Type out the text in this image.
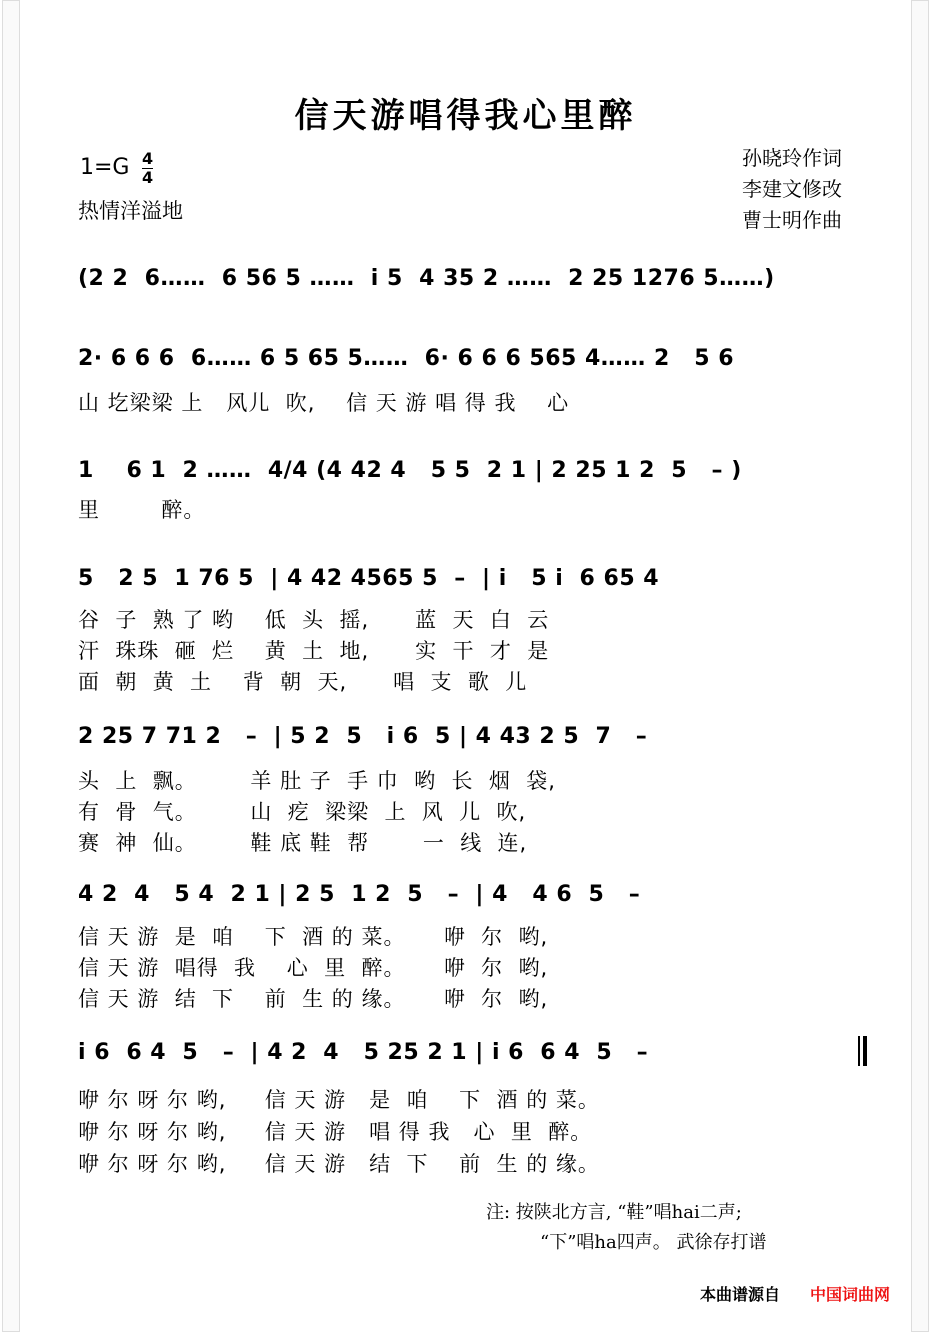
信天游唱得我心里醉
1=G 4
4
热情洋溢地
孙晓玲作词
李建文修改
曹士明作曲
(2 2  6……  6 56 5 ……  i 5  4 35 2 ……  2 25 1276 5……)
2· 6 6 6  6…… 6 5 65 5……  6· 6 6 6 565 4…… 2   5 6
山 圪梁梁 上   风儿  吹,    信 天 游 唱 得 我    心
1    6 1  2 ……  4/4 (4 42 4   5 5  2 1 | 2 25 1 2  5   – )
里        醉。
5   2 5  1 76 5  | 4 42 4565 5  –  | i   5 i  6 65 4
谷  子  熟 了 哟    低  头  摇,      蓝  天  白  云
汗  珠珠  砸  烂    黄  土  地,      实  干  才  是
面  朝  黄  土    背  朝  天,      唱  支  歌  儿
2 25 7 71 2   –  | 5 2  5   i 6  5 | 4 43 2 5  7   –
头  上  飘。       羊 肚 子  手 巾  哟  长  烟  袋,
有  骨  气。       山  疙  梁梁  上  风  儿  吹,
赛  神  仙。       鞋 底 鞋  帮       一  线  连,
4 2  4   5 4  2 1 | 2 5  1 2  5   –  | 4   4 6  5   –
信 天 游  是  咱    下  酒 的 菜。     咿  尔  哟,
信 天 游  唱得  我    心  里  醉。     咿  尔  哟,
信 天 游  结  下    前  生 的 缘。     咿  尔  哟,
i 6  6 4  5   –  | 4 2  4   5 25 2 1 | i 6  6 4  5   –
咿 尔 呀 尔 哟,     信 天 游   是  咱    下  酒 的 菜。
咿 尔 呀 尔 哟,     信 天 游   唱 得 我   心  里  醉。
咿 尔 呀 尔 哟,     信 天 游   结  下    前  生 的 缘。
注: 按陕北方言, “鞋”唱hai二声;
“下”唱ha四声。 武徐存打谱
本曲谱源自 中国词曲网
